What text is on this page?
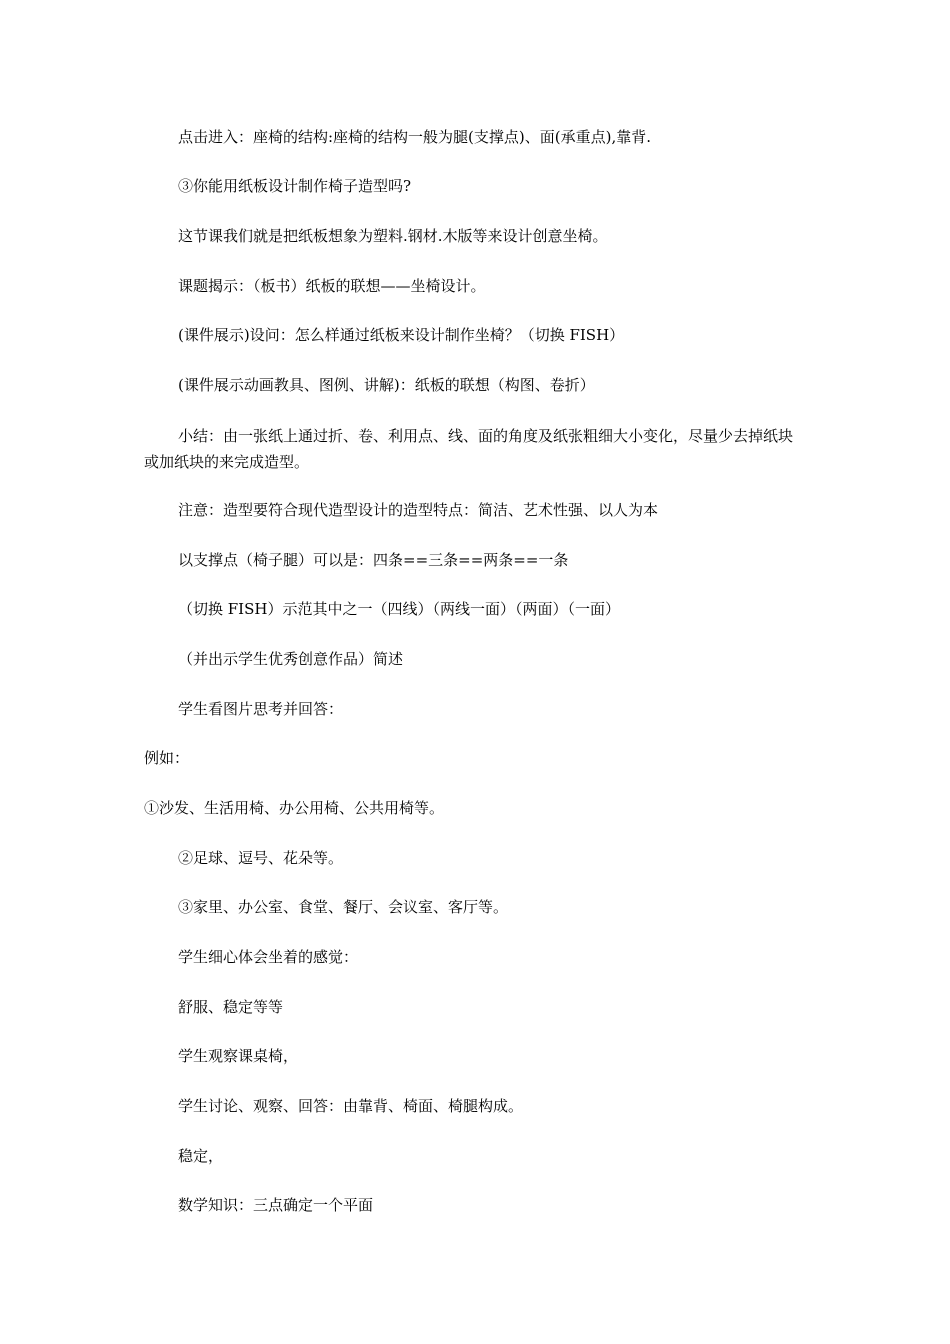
点击进入：座椅的结构:座椅的结构一般为腿(支撑点)、面(承重点),靠背.
③你能用纸板设计制作椅子造型吗?
这节课我们就是把纸板想象为塑料.钢材.木版等来设计创意坐椅。
课题揭示：（板书）纸板的联想——坐椅设计。
(课件展示)设问：怎么样通过纸板来设计制作坐椅？（切换 FISH）
(课件展示动画教具、图例、讲解)：纸板的联想（构图、卷折）
小结：由一张纸上通过折、卷、利用点、线、面的角度及纸张粗细大小变化，尽量少去掉纸块或加纸块的来完成造型。
注意：造型要符合现代造型设计的造型特点：简洁、艺术性强、以人为本
以支撑点（椅子腿）可以是：四条==三条==两条==一条
（切换 FISH）示范其中之一（四线）（两线一面）（两面）（一面）
（并出示学生优秀创意作品）简述
学生看图片思考并回答：
例如：
①沙发、生活用椅、办公用椅、公共用椅等。
②足球、逗号、花朵等。
③家里、办公室、食堂、餐厅、会议室、客厅等。
学生细心体会坐着的感觉：
舒服、稳定等等
学生观察课桌椅，
学生讨论、观察、回答：由靠背、椅面、椅腿构成。
稳定，
数学知识：三点确定一个平面
